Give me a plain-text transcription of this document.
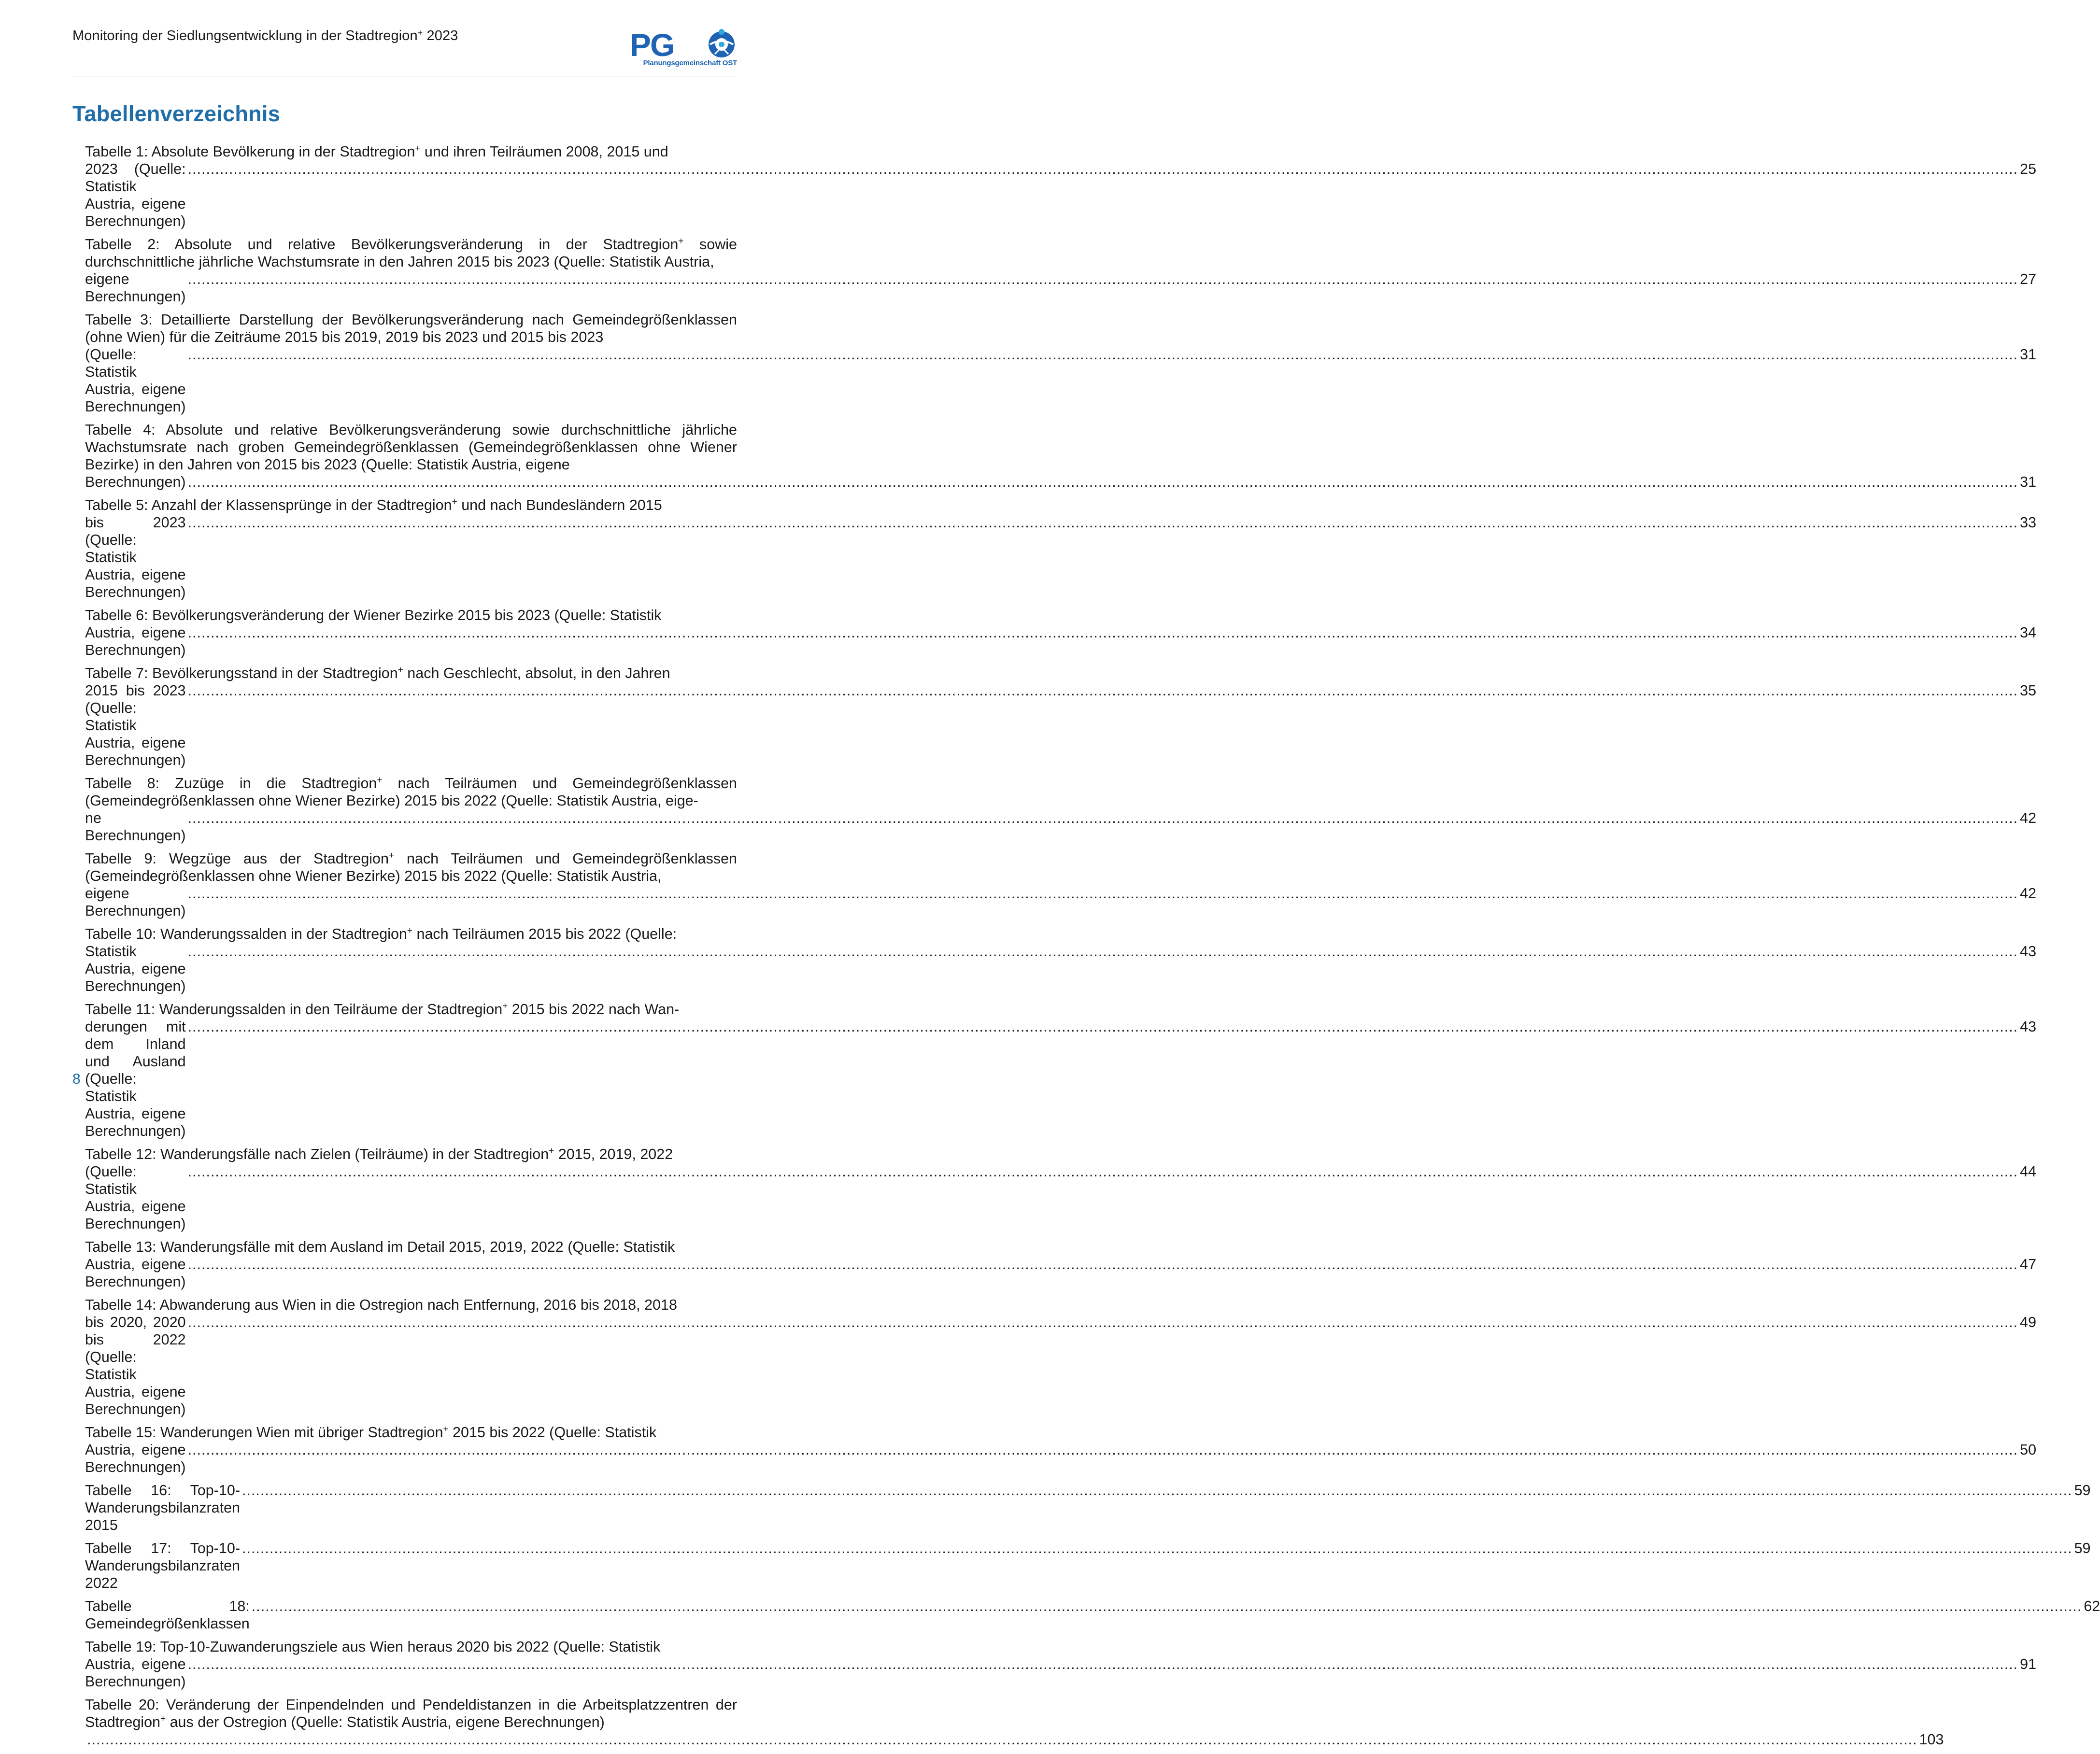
Monitoring der Siedlungsentwicklung in der Stadtregion+ 2023	PG
Planungsgemeinschaft OST
Tabellenverzeichnis
Tabelle 1: Absolute Bevölkerung in der Stadtregion+ und ihren Teilräumen 2008, 2015 und
2023 (Quelle: Statistik Austria, eigene Berechnungen)
................................................................................................................................................................................................................................................................................................................................................................................................................ 25
Tabelle 2: Absolute und relative Bevölkerungsveränderung in der Stadtregion+ sowie durchschnittliche jährliche Wachstumsrate in den Jahren 2015 bis 2023 (Quelle: Statistik Austria,
eigene Berechnungen)
................................................................................................................................................................................................................................................................................................................................................................................................................ 27
Tabelle 3: Detaillierte Darstellung der Bevölkerungsveränderung nach Gemeindegrößenklassen (ohne Wien) für die Zeiträume 2015 bis 2019, 2019 bis 2023 und 2015 bis 2023
(Quelle: Statistik Austria, eigene Berechnungen)
................................................................................................................................................................................................................................................................................................................................................................................................................ 31
Tabelle 4: Absolute und relative Bevölkerungsveränderung sowie durchschnittliche jährliche Wachstumsrate nach groben Gemeindegrößenklassen (Gemeindegrößenklassen ohne Wiener Bezirke) in den Jahren von 2015 bis 2023 (Quelle: Statistik Austria, eigene
Berechnungen) ................................................................................................................................................................................................................................................................................................................................................................................................................ 31
Tabelle 5: Anzahl der Klassensprünge in der Stadtregion+ und nach Bundesländern 2015
bis 2023 (Quelle: Statistik Austria, eigene Berechnungen)
................................................................................................................................................................................................................................................................................................................................................................................................................ 33
Tabelle 6: Bevölkerungsveränderung der Wiener Bezirke 2015 bis 2023 (Quelle: Statistik
Austria, eigene Berechnungen)
................................................................................................................................................................................................................................................................................................................................................................................................................ 34
Tabelle 7: Bevölkerungsstand in der Stadtregion+ nach Geschlecht, absolut, in den Jahren
2015 bis 2023 (Quelle: Statistik Austria, eigene Berechnungen)
................................................................................................................................................................................................................................................................................................................................................................................................................ 35
Tabelle 8: Zuzüge in die Stadtregion+ nach Teilräumen und Gemeindegrößenklassen (Gemeindegrößenklassen ohne Wiener Bezirke) 2015 bis 2022 (Quelle: Statistik Austria, eige-
ne Berechnungen)
................................................................................................................................................................................................................................................................................................................................................................................................................ 42
Tabelle 9: Wegzüge aus der Stadtregion+ nach Teilräumen und Gemeindegrößenklassen (Gemeindegrößenklassen ohne Wiener Bezirke) 2015 bis 2022 (Quelle: Statistik Austria,
eigene Berechnungen)
................................................................................................................................................................................................................................................................................................................................................................................................................ 42
Tabelle 10: Wanderungssalden in der Stadtregion+ nach Teilräumen 2015 bis 2022 (Quelle:
Statistik Austria, eigene Berechnungen)
................................................................................................................................................................................................................................................................................................................................................................................................................ 43
Tabelle 11: Wanderungssalden in den Teilräume der Stadtregion+ 2015 bis 2022 nach Wan-
derungen mit dem Inland und Ausland (Quelle: Statistik Austria, eigene Berechnungen)
................................................................................................................................................................................................................................................................................................................................................................................................................ 43
Tabelle 12: Wanderungsfälle nach Zielen (Teilräume) in der Stadtregion+ 2015, 2019, 2022
(Quelle: Statistik Austria, eigene Berechnungen)
................................................................................................................................................................................................................................................................................................................................................................................................................ 44
Tabelle 13: Wanderungsfälle mit dem Ausland im Detail 2015, 2019, 2022 (Quelle: Statistik
Austria, eigene Berechnungen)
................................................................................................................................................................................................................................................................................................................................................................................................................ 47
Tabelle 14: Abwanderung aus Wien in die Ostregion nach Entfernung, 2016 bis 2018, 2018
bis 2020, 2020 bis 2022 (Quelle: Statistik Austria, eigene Berechnungen)
................................................................................................................................................................................................................................................................................................................................................................................................................ 49
Tabelle 15: Wanderungen Wien mit übriger Stadtregion+ 2015 bis 2022 (Quelle: Statistik
Austria, eigene Berechnungen)
................................................................................................................................................................................................................................................................................................................................................................................................................ 50
Tabelle 16: Top-10-Wanderungsbilanzraten 2015
................................................................................................................................................................................................................................................................................................................................................................................................................ 59
Tabelle 17: Top-10-Wanderungsbilanzraten 2022
................................................................................................................................................................................................................................................................................................................................................................................................................ 59
Tabelle 18: Gemeindegrößenklassen
................................................................................................................................................................................................................................................................................................................................................................................................................ 62
Tabelle 19: Top-10-Zuwanderungsziele aus Wien heraus 2020 bis 2022 (Quelle: Statistik
Austria, eigene Berechnungen)
................................................................................................................................................................................................................................................................................................................................................................................................................ 91
Tabelle 20: Veränderung der Einpendelnden und Pendeldistanzen in die Arbeitsplatzzentren der Stadtregion+ aus der Ostregion (Quelle: Statistik Austria, eigene Berechnungen)
................................................................................................................................................................................................................................................................................................................................................................................................................ 103
8
